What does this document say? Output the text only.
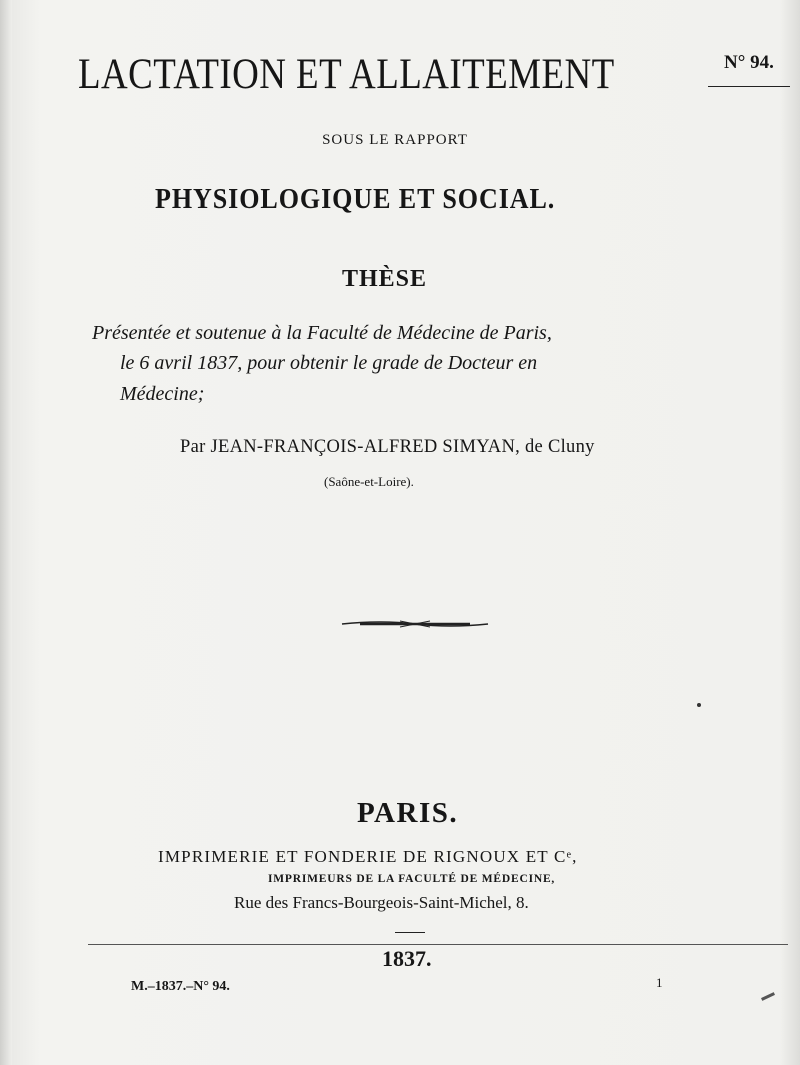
LACTATION ET ALLAITEMENT	N° 94.
SOUS LE RAPPORT
PHYSIOLOGIQUE ET SOCIAL.
THÈSE
Présentée et soutenue à la Faculté de Médecine de Paris,
le 6 avril 1837, pour obtenir le grade de Docteur en
Médecine;
Par JEAN-FRANÇOIS-ALFRED SIMYAN, de Cluny
(Saône-et-Loire).
PARIS.
IMPRIMERIE ET FONDERIE DE RIGNOUX ET Cᵉ,
IMPRIMEURS DE LA FACULTÉ DE MÉDECINE,
Rue des Francs-Bourgeois-Saint-Michel, 8.
1837.
M.–1837.–N° 94.	1
